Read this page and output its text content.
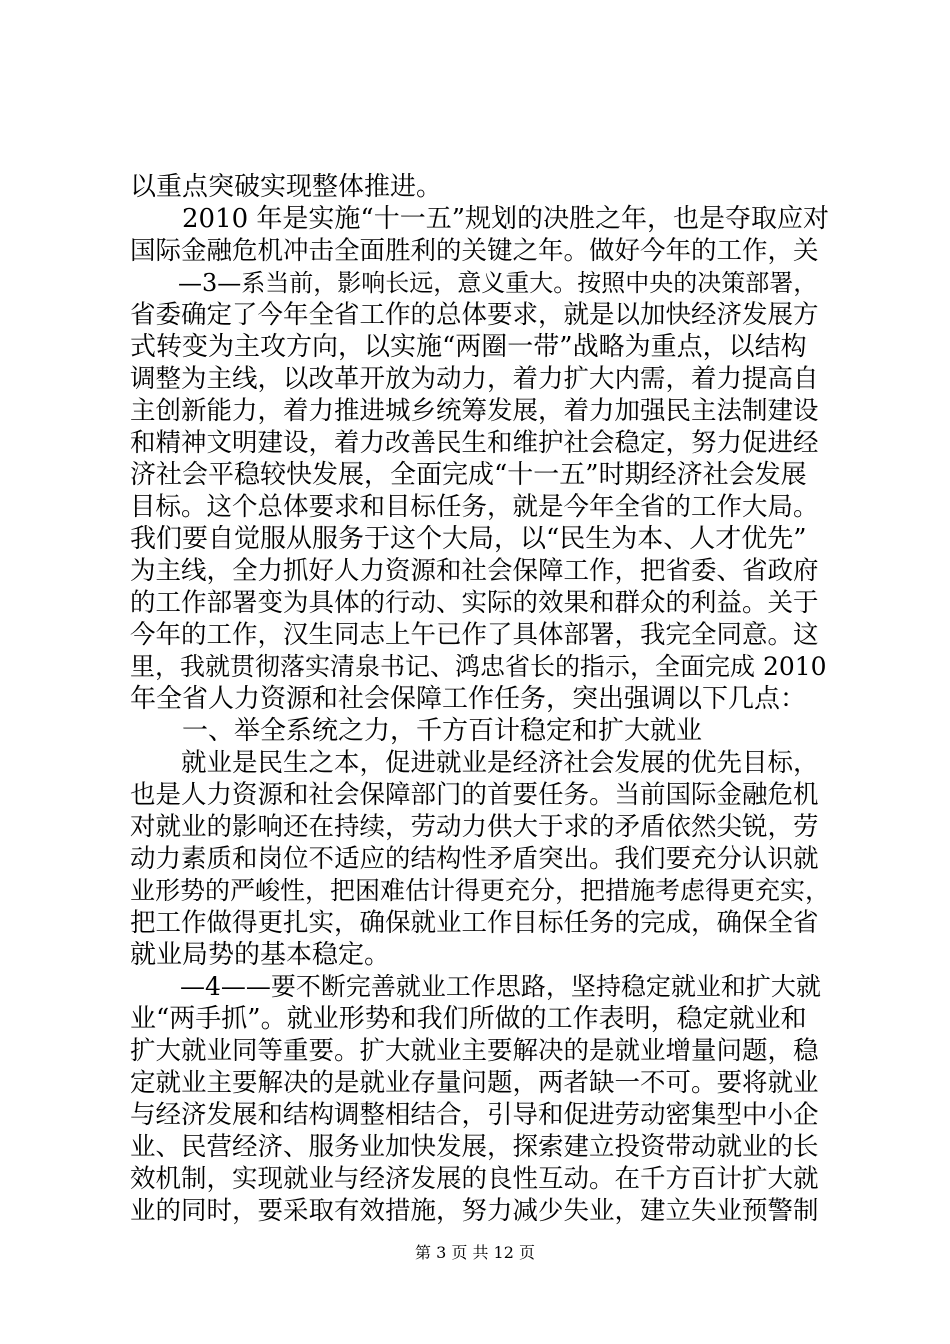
以重点突破实现整体推进。
　　2010 年是实施“十一五”规划的决胜之年，也是夺取应对
国际金融危机冲击全面胜利的关键之年。做好今年的工作，关
　　—3—系当前，影响长远，意义重大。按照中央的决策部署，
省委确定了今年全省工作的总体要求，就是以加快经济发展方
式转变为主攻方向，以实施“两圈一带”战略为重点，以结构
调整为主线，以改革开放为动力，着力扩大内需，着力提高自
主创新能力，着力推进城乡统筹发展，着力加强民主法制建设
和精神文明建设，着力改善民生和维护社会稳定，努力促进经
济社会平稳较快发展，全面完成“十一五”时期经济社会发展
目标。这个总体要求和目标任务，就是今年全省的工作大局。
我们要自觉服从服务于这个大局，以“民生为本、人才优先”
为主线，全力抓好人力资源和社会保障工作，把省委、省政府
的工作部署变为具体的行动、实际的效果和群众的利益。关于
今年的工作，汉生同志上午已作了具体部署，我完全同意。这
里，我就贯彻落实清泉书记、鸿忠省长的指示，全面完成 2010
年全省人力资源和社会保障工作任务，突出强调以下几点：
　　一、举全系统之力，千方百计稳定和扩大就业
　　就业是民生之本，促进就业是经济社会发展的优先目标，
也是人力资源和社会保障部门的首要任务。当前国际金融危机
对就业的影响还在持续，劳动力供大于求的矛盾依然尖锐，劳
动力素质和岗位不适应的结构性矛盾突出。我们要充分认识就
业形势的严峻性，把困难估计得更充分，把措施考虑得更充实，
把工作做得更扎实，确保就业工作目标任务的完成，确保全省
就业局势的基本稳定。
　　—4——要不断完善就业工作思路，坚持稳定就业和扩大就
业“两手抓”。就业形势和我们所做的工作表明，稳定就业和
扩大就业同等重要。扩大就业主要解决的是就业增量问题，稳
定就业主要解决的是就业存量问题，两者缺一不可。要将就业
与经济发展和结构调整相结合，引导和促进劳动密集型中小企
业、民营经济、服务业加快发展，探索建立投资带动就业的长
效机制，实现就业与经济发展的良性互动。在千方百计扩大就
业的同时，要采取有效措施，努力减少失业，建立失业预警制
第 3 页 共 12 页
